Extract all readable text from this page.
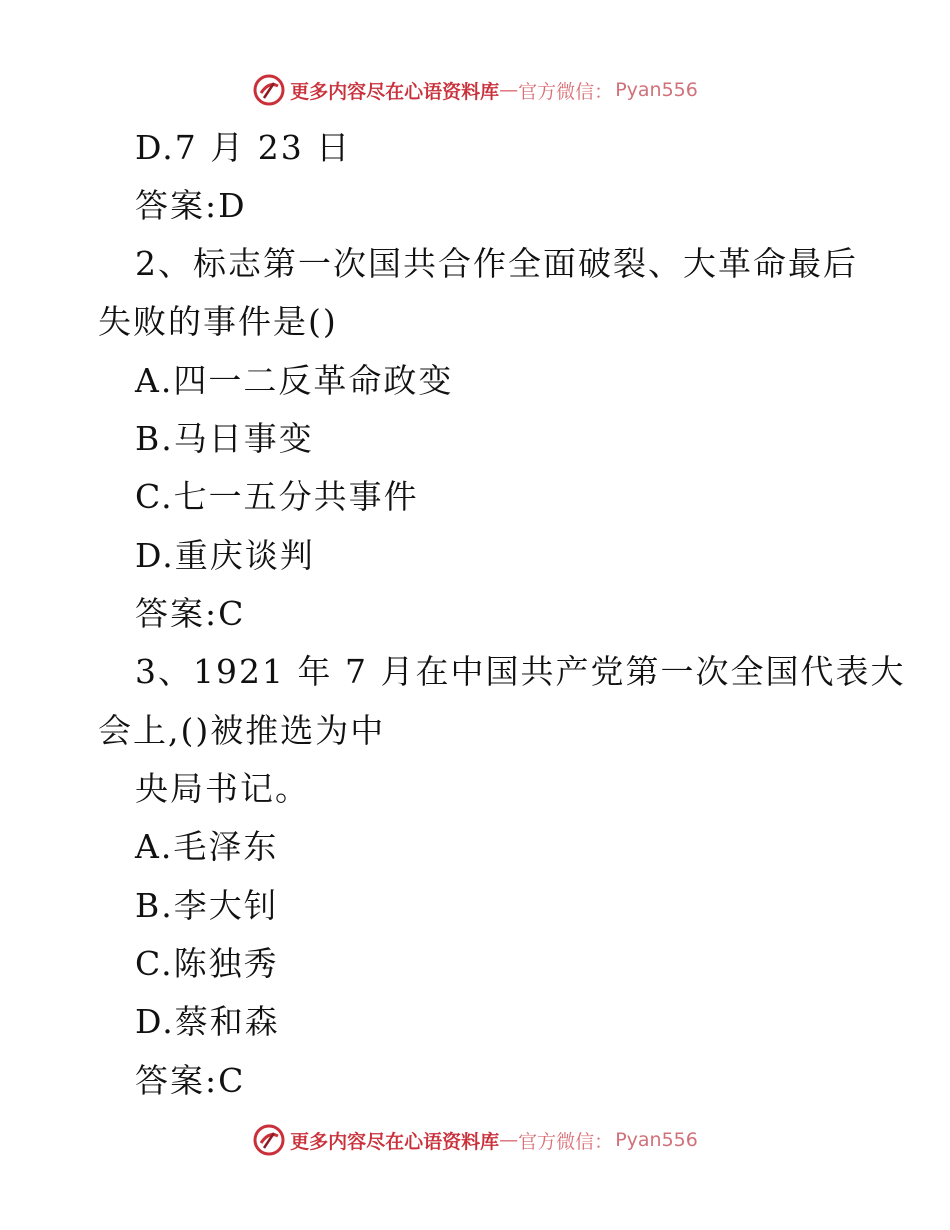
更多内容尽在心语资料库 — 官方微信： Pyan556
D.7 月 23 日
答案:D
2、标志第一次国共合作全面破裂、大革命最后
失败的事件是()
A.四一二反革命政变
B.马日事变
C.七一五分共事件
D.重庆谈判
答案:C
3、1921 年 7 月在中国共产党第一次全国代表大
会上,()被推选为中
央局书记。
A.毛泽东
B.李大钊
C.陈独秀
D.蔡和森
答案:C
更多内容尽在心语资料库 — 官方微信： Pyan556
